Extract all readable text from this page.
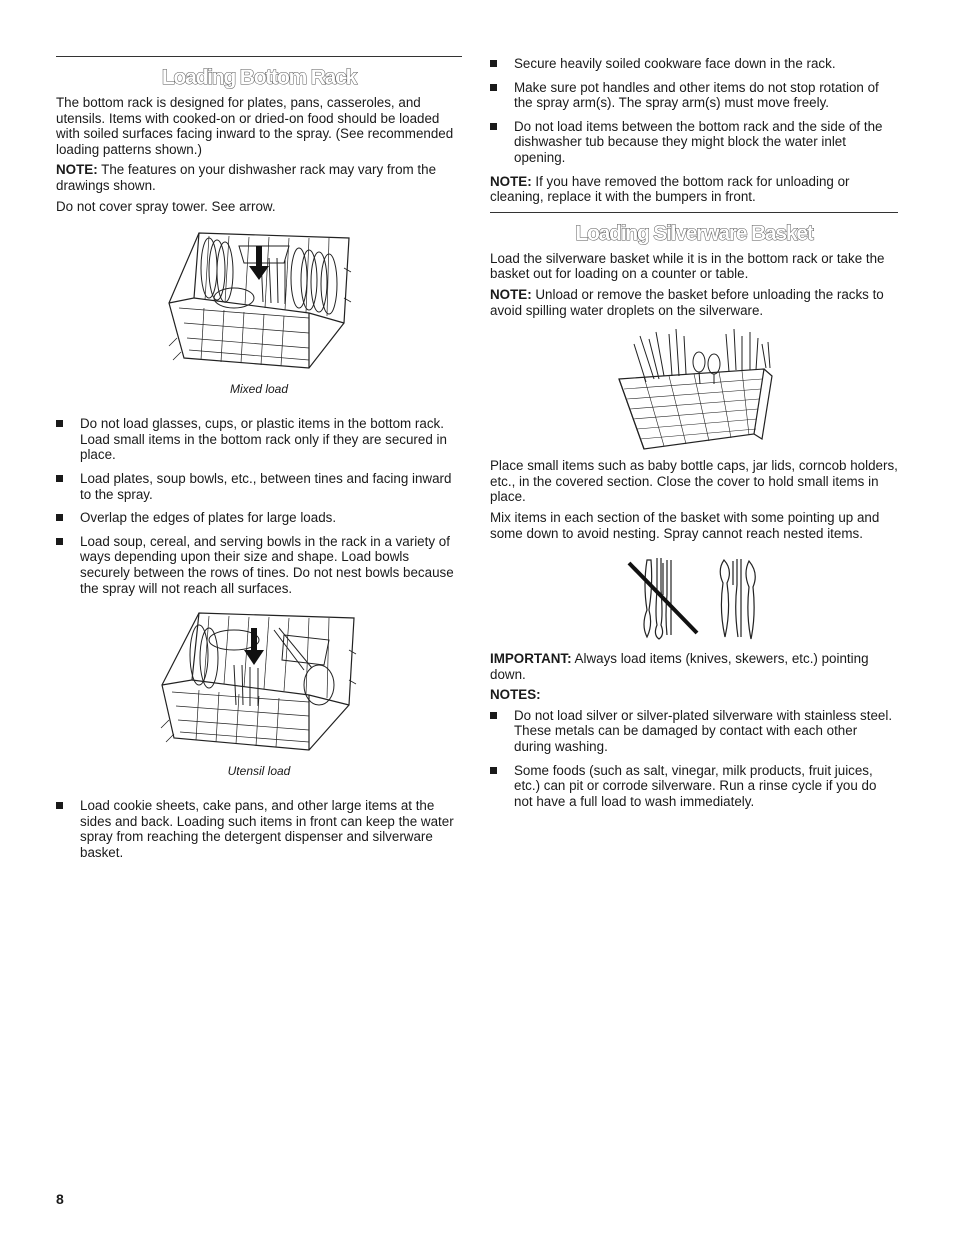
Loading Bottom Rack

The bottom rack is designed for plates, pans, casseroles, and utensils. Items with cooked-on or dried-on food should be loaded with soiled surfaces facing inward to the spray. (See recommended loading patterns shown.)

NOTE: The features on your dishwasher rack may vary from the drawings shown.

Do not cover spray tower. See arrow.

Mixed load
Do not load glasses, cups, or plastic items in the bottom rack. Load small items in the bottom rack only if they are secured in place.
Load plates, soup bowls, etc., between tines and facing inward to the spray.
Overlap the edges of plates for large loads.
Load soup, cereal, and serving bowls in the rack in a variety of ways depending upon their size and shape. Load bowls securely between the rows of tines. Do not nest bowls because the spray will not reach all surfaces.
Utensil load
Load cookie sheets, cake pans, and other large items at the sides and back. Loading such items in front can keep the water spray from reaching the detergent dispenser and silverware basket.
Secure heavily soiled cookware face down in the rack.
Make sure pot handles and other items do not stop rotation of the spray arm(s). The spray arm(s) must move freely.
Do not load items between the bottom rack and the side of the dishwasher tub because they might block the water inlet opening.

NOTE: If you have removed the bottom rack for unloading or cleaning, replace it with the bumpers in front.

Loading Silverware Basket

Load the silverware basket while it is in the bottom rack or take the basket out for loading on a counter or table.

NOTE: Unload or remove the basket before unloading the racks to avoid spilling water droplets on the silverware.

Place small items such as baby bottle caps, jar lids, corncob holders, etc., in the covered section. Close the cover to hold small items in place.

Mix items in each section of the basket with some pointing up and some down to avoid nesting. Spray cannot reach nested items.

IMPORTANT: Always load items (knives, skewers, etc.) pointing down.

NOTES:

Do not load silver or silver-plated silverware with stainless steel. These metals can be damaged by contact with each other during washing.
Some foods (such as salt, vinegar, milk products, fruit juices, etc.) can pit or corrode silverware. Run a rinse cycle if you do not have a full load to wash immediately.
8
